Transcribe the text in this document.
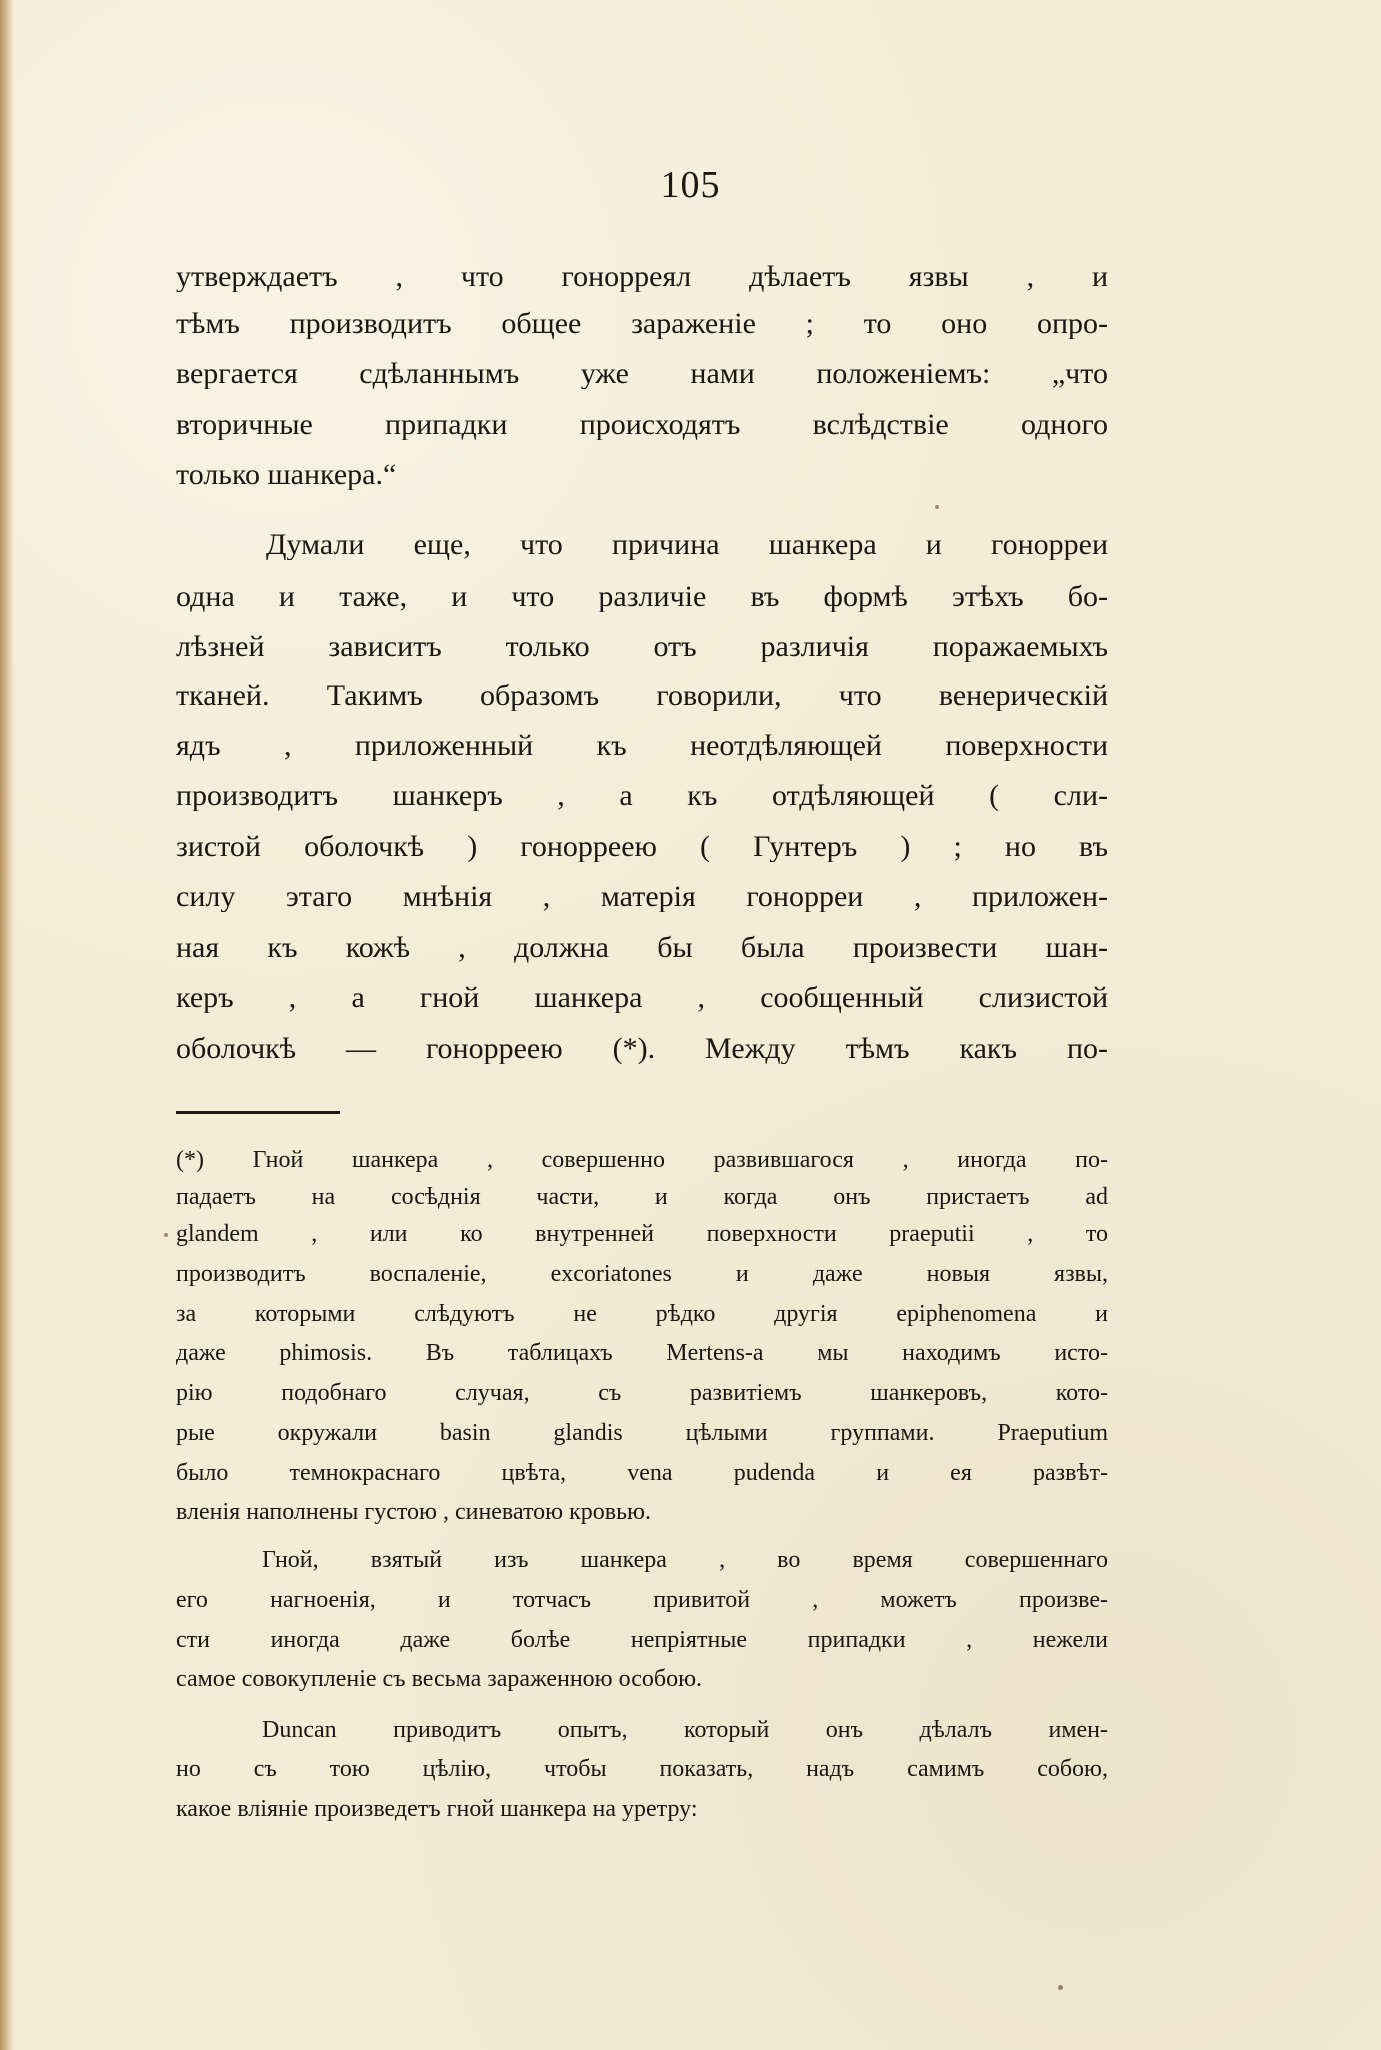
105
утверждаетъ , что гонорреял дѣлаетъ язвы , и
тѣмъ производитъ общее зараженіе ; то оно опро-
вергается сдѣланнымъ уже нами положеніемъ: „что
вторичные припадки происходятъ вслѣдствіе одного
только шанкера.“
Думали еще, что причина шанкера и гонорреи
одна и таже, и что различіе въ формѣ этѣхъ бо-
лѣзней зависитъ только отъ различія поражаемыхъ
тканей. Такимъ образомъ говорили, что венерическій
ядъ , приложенный къ неотдѣляющей поверхности
производитъ шанкеръ , а къ отдѣляющей ( сли-
зистой оболочкѣ ) гонорреею ( Гунтеръ ) ; но въ
силу этаго мнѣнія , матерія гонорреи , приложен-
ная къ кожѣ , должна бы была произвести шан-
керъ , а гной шанкера , сообщенный слизистой
оболочкѣ — гонорреею (*). Между тѣмъ какъ по-
(*) Гной шанкера , совершенно развившагося , иногда по-
падаетъ на сосѣднія части, и когда онъ пристаетъ ad
glandem , или ко внутренней поверхности praeputii , то
производитъ воспаленіе, excoriatones и даже новыя язвы,
за которыми слѣдуютъ не рѣдко другія epiphenomena и
даже phimosis. Въ таблицахъ Mertens-а мы находимъ исто-
рію подобнаго случая, съ развитіемъ шанкеровъ, кото-
рые окружали basin glandis цѣлыми группами. Praeputium
было темнокраснаго цвѣта, vena pudenda и ея развѣт-
вленія наполнены густою , синеватою кровью.
Гной, взятый изъ шанкера , во время совершеннаго
его нагноенія, и тотчасъ привитой , можетъ произве-
сти иногда даже болѣе непріятные припадки , нежели
самое совокупленіе съ весьма зараженною особою.
Duncan приводитъ опытъ, который онъ дѣлалъ имен-
но съ тою цѣлію, чтобы показать, надъ самимъ собою,
какое вліяніе произведетъ гной шанкера на уретру:
